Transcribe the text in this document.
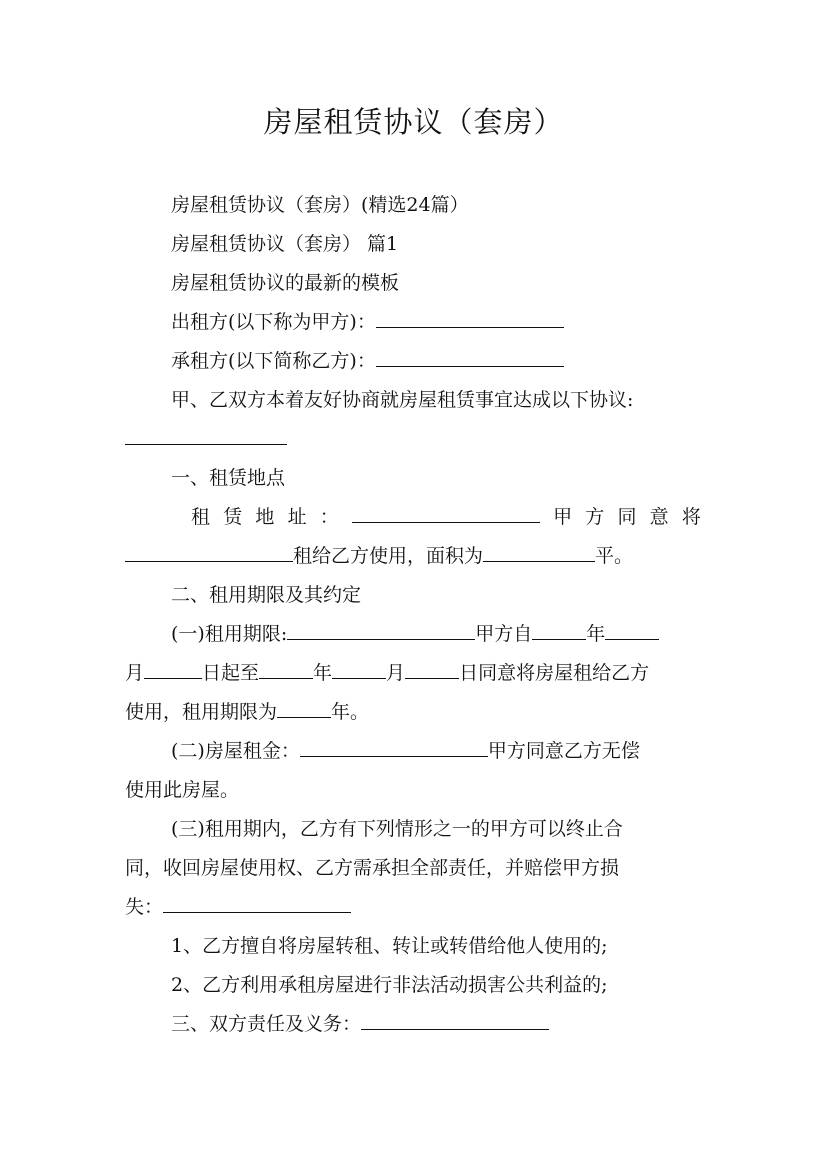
房屋租赁协议（套房）
房屋租赁协议（套房）(精选24篇）
房屋租赁协议（套房） 篇1
房屋租赁协议的最新的模板
出租方(以下称为甲方)：
承租方(以下简称乙方)：
甲、乙双方本着友好协商就房屋租赁事宜达成以下协议:
一、租赁地点
租 赁 地 址 ：	甲 方 同 意 将
租给乙方使用，面积为	平。
二、租用期限及其约定
(一)租用期限:	甲方自	年
月	日起至	年	月	日同意将房屋租给乙方
使用，租用期限为	年。
(二)房屋租金：	甲方同意乙方无偿
使用此房屋。
(三)租用期内，乙方有下列情形之一的甲方可以终止合
同，收回房屋使用权、乙方需承担全部责任，并赔偿甲方损
失：
1、乙方擅自将房屋转租、转让或转借给他人使用的;
2、乙方利用承租房屋进行非法活动损害公共利益的;
三、双方责任及义务：
